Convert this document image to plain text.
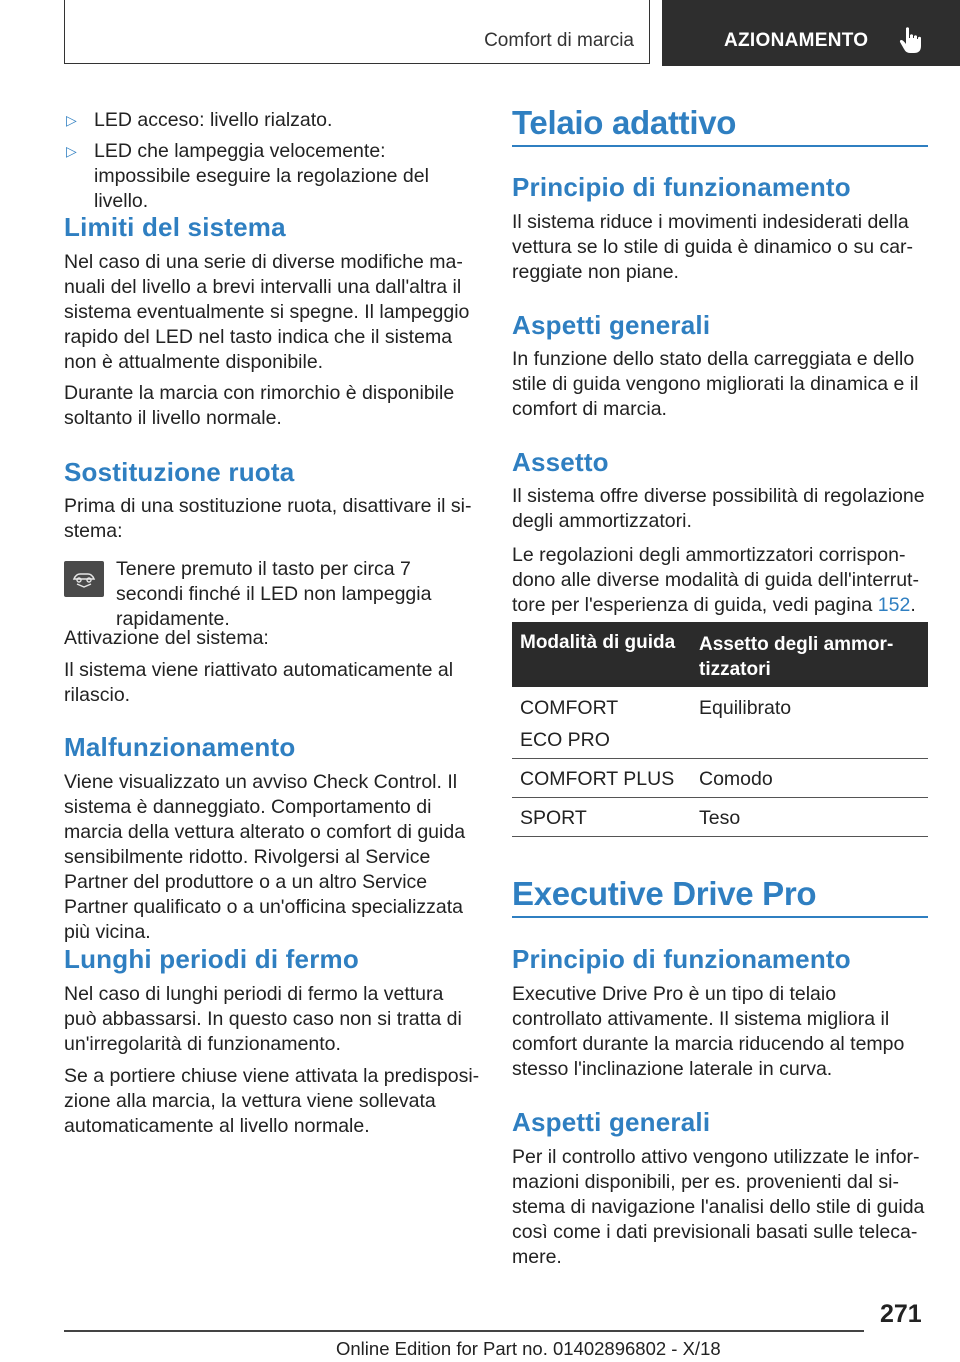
Comfort di marcia	AZIONAMENTO
▷ LED acceso: livello rialzato.
▷ LED che lampeggia velocemente: impossibile eseguire la regolazione del livello.
Limiti del sistema

Nel caso di una serie di diverse modifiche manuali del livello a brevi intervalli una dall'altra il sistema eventualmente si spegne. Il lampeggio rapido del LED nel tasto indica che il sistema non è attualmente disponibile.

Durante la marcia con rimorchio è disponibile soltanto il livello normale.

Sostituzione ruota

Prima di una sostituzione ruota, disattivare il sistema:

Tenere premuto il tasto per circa 7 secondi finché il LED non lampeggia rapidamente.

Attivazione del sistema:

Il sistema viene riattivato automaticamente al rilascio.

Malfunzionamento

Viene visualizzato un avviso Check Control. Il sistema è danneggiato. Comportamento di marcia della vettura alterato o comfort di guida sensibilmente ridotto. Rivolgersi al Service Partner del produttore o a un altro Service Partner qualificato o a un'officina specializzata più vicina.

Lunghi periodi di fermo

Nel caso di lunghi periodi di fermo la vettura può abbassarsi. In questo caso non si tratta di un'irregolarità di funzionamento.

Se a portiere chiuse viene attivata la predisposizione alla marcia, la vettura viene sollevata automaticamente al livello normale.

Telaio adattivo
Principio di funzionamento

Il sistema riduce i movimenti indesiderati della vettura se lo stile di guida è dinamico o su carreggiate non piane.

Aspetti generali

In funzione dello stato della carreggiata e dello stile di guida vengono migliorati la dinamica e il comfort di marcia.

Assetto

Il sistema offre diverse possibilità di regolazione degli ammortizzatori.

Le regolazioni degli ammortizzatori corrispondono alle diverse modalità di guida dell'interruttore per l'esperienza di guida, vedi pagina 152.

Modalità di guida Assetto degli ammortizzatori
COMFORT
ECO PRO
Equilibrato
COMFORT PLUS Comodo
SPORT	Teso
Executive Drive Pro
Principio di funzionamento

Executive Drive Pro è un tipo di telaio controllato attivamente. Il sistema migliora il comfort durante la marcia riducendo al tempo stesso l'inclinazione laterale in curva.

Aspetti generali

Per il controllo attivo vengono utilizzate le informazioni disponibili, per es. provenienti dal sistema di navigazione l'analisi dello stile di guida così come i dati previsionali basati sulle telecamere.

271
Online Edition for Part no. 01402896802 - X/18
